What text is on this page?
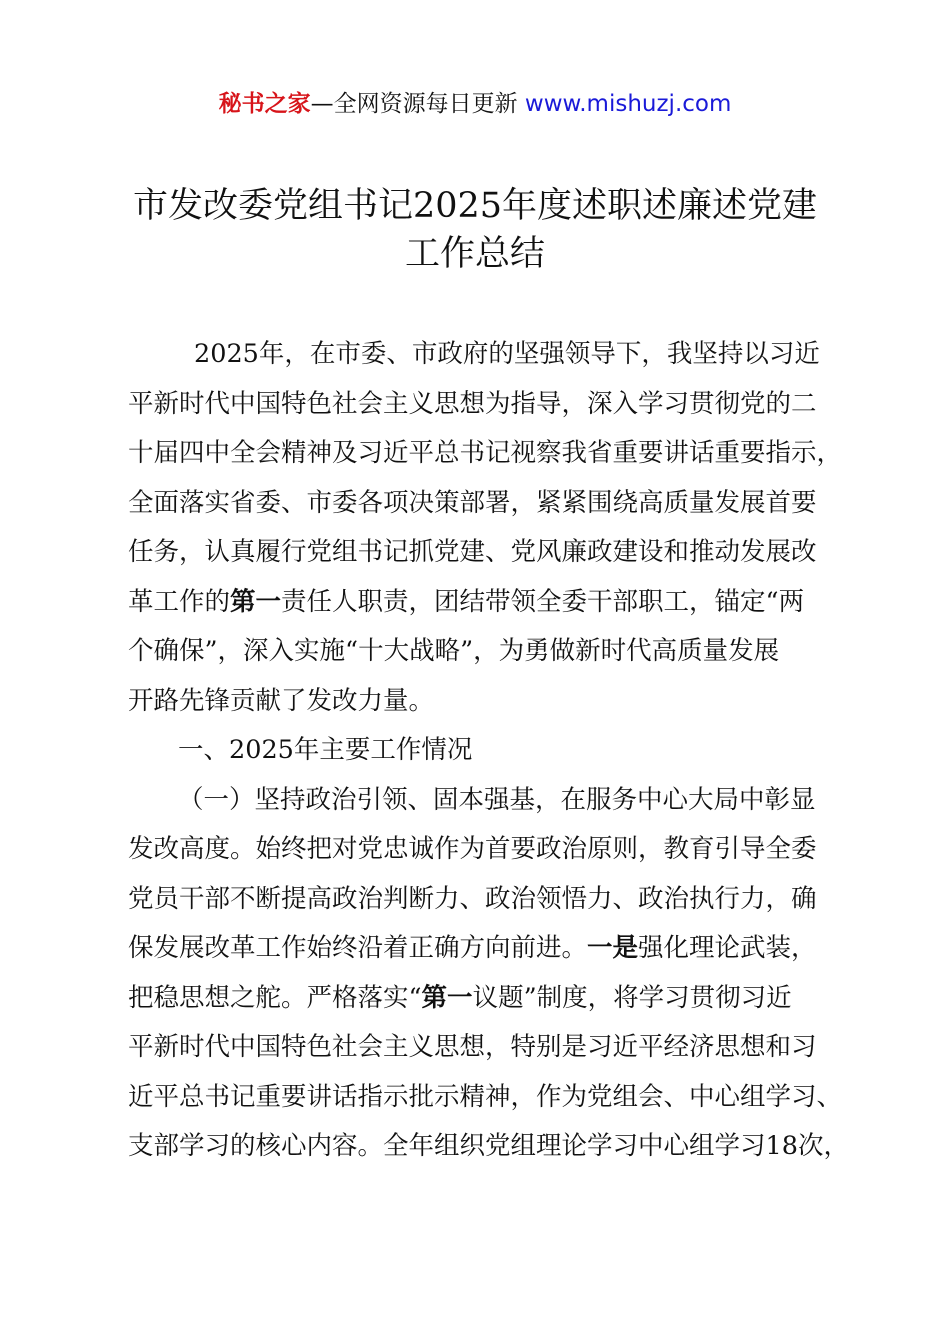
秘书之家—全网资源每日更新 www.mishuzj.com
市发改委党组书记2025年度述职述廉述党建
工作总结
2025年，在市委、市政府的坚强领导下，我坚持以习近
平新时代中国特色社会主义思想为指导，深入学习贯彻党的二
十届四中全会精神及习近平总书记视察我省重要讲话重要指示，
全面落实省委、市委各项决策部署，紧紧围绕高质量发展首要
任务，认真履行党组书记抓党建、党风廉政建设和推动发展改
革工作的第一责任人职责，团结带领全委干部职工，锚定“两
个确保”，深入实施“十大战略”，为勇做新时代高质量发展
开路先锋贡献了发改力量。
一、2025年主要工作情况
（一）坚持政治引领、固本强基，在服务中心大局中彰显
发改高度。始终把对党忠诚作为首要政治原则，教育引导全委
党员干部不断提高政治判断力、政治领悟力、政治执行力，确
保发展改革工作始终沿着正确方向前进。一是强化理论武装，
把稳思想之舵。严格落实“第一议题”制度，将学习贯彻习近
平新时代中国特色社会主义思想，特别是习近平经济思想和习
近平总书记重要讲话指示批示精神，作为党组会、中心组学习、
支部学习的核心内容。全年组织党组理论学习中心组学习18次，
